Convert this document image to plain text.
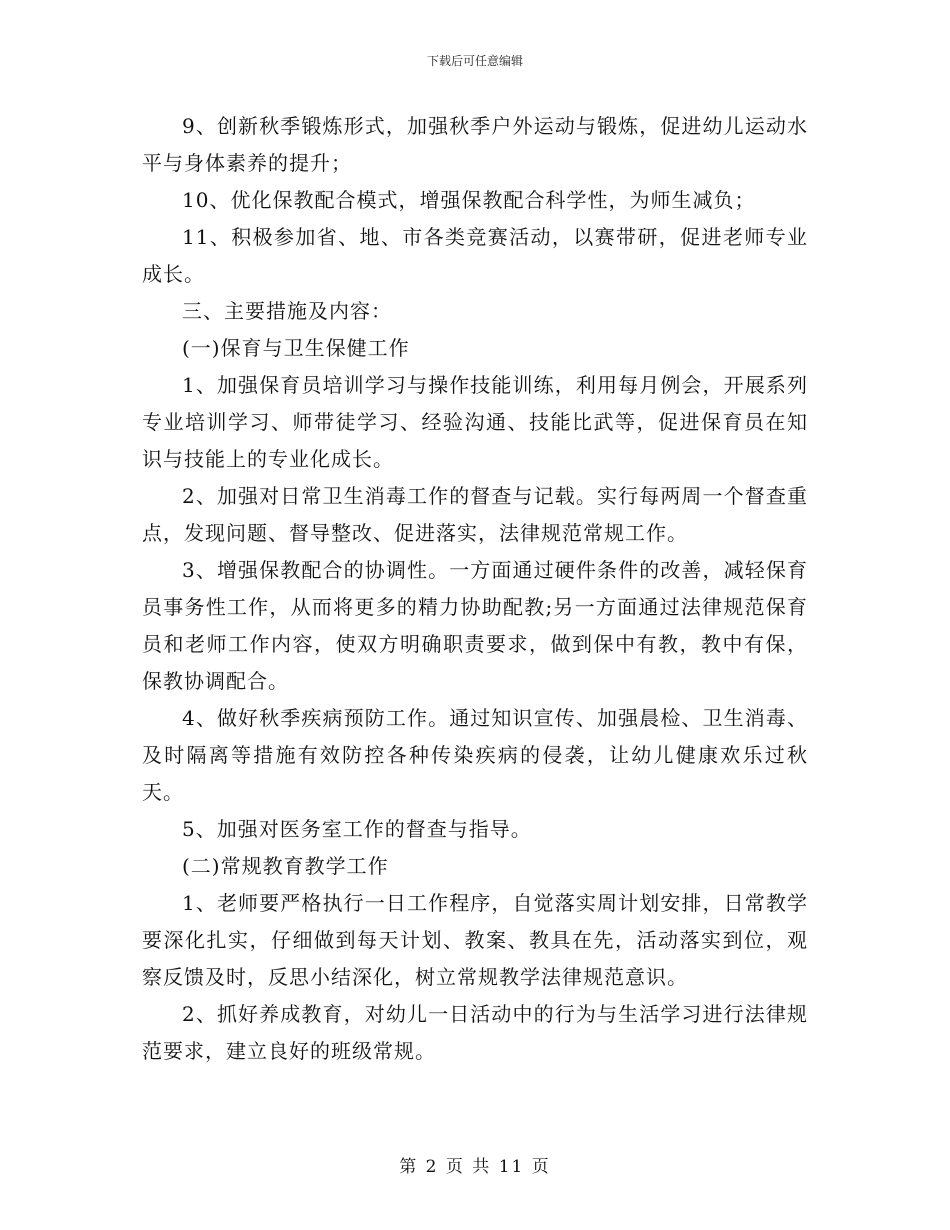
下载后可任意编辑

9、创新秋季锻炼形式，加强秋季户外运动与锻炼，促进幼儿运动水平与身体素养的提升；

10、优化保教配合模式，增强保教配合科学性，为师生减负；

11、积极参加省、地、市各类竞赛活动，以赛带研，促进老师专业成长。

三、主要措施及内容：

(一)保育与卫生保健工作

1、加强保育员培训学习与操作技能训练，利用每月例会，开展系列专业培训学习、师带徒学习、经验沟通、技能比武等，促进保育员在知识与技能上的专业化成长。

2、加强对日常卫生消毒工作的督查与记载。实行每两周一个督查重点，发现问题、督导整改、促进落实，法律规范常规工作。

3、增强保教配合的协调性。一方面通过硬件条件的改善，减轻保育员事务性工作，从而将更多的精力协助配教;另一方面通过法律规范保育员和老师工作内容，使双方明确职责要求，做到保中有教，教中有保，保教协调配合。

4、做好秋季疾病预防工作。通过知识宣传、加强晨检、卫生消毒、及时隔离等措施有效防控各种传染疾病的侵袭，让幼儿健康欢乐过秋天。

5、加强对医务室工作的督查与指导。

(二)常规教育教学工作

1、老师要严格执行一日工作程序，自觉落实周计划安排，日常教学要深化扎实，仔细做到每天计划、教案、教具在先，活动落实到位，观察反馈及时，反思小结深化，树立常规教学法律规范意识。

2、抓好养成教育，对幼儿一日活动中的行为与生活学习进行法律规范要求，建立良好的班级常规。

第 2 页 共 11 页
